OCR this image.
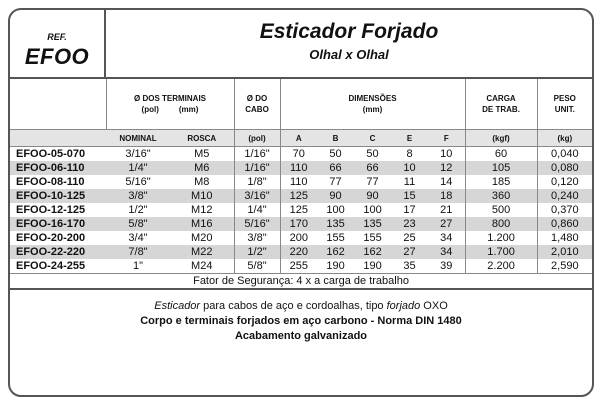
REF.
EFOO
Esticador Forjado
Olhal x Olhal
	Ø DOS TERMINAIS
(pol) (mm)		Ø DO
CABO	DIMENSÕES
(mm)					CARGA
DE TRAB.	PESO
UNIT.
	NOMINAL	ROSCA	(pol)	A	B	C	E	F	(kgf)	(kg)
EFOO-05-070	3/16"	M5	1/16"	70	50	50	8	10	60	0,040
EFOO-06-110	1/4"	M6	1/16"	110	66	66	10	12	105	0,080
EFOO-08-110	5/16"	M8	1/8"	110	77	77	11	14	185	0,120
EFOO-10-125	3/8"	M10	3/16"	125	90	90	15	18	360	0,240
EFOO-12-125	1/2"	M12	1/4"	125	100	100	17	21	500	0,370
EFOO-16-170	5/8"	M16	5/16"	170	135	135	23	27	800	0,860
EFOO-20-200	3/4"	M20	3/8"	200	155	155	25	34	1.200	1,480
EFOO-22-220	7/8"	M22	1/2"	220	162	162	27	34	1.700	2,010
EFOO-24-255	1"	M24	5/8"	255	190	190	35	39	2.200	2,590
Fator de Segurança: 4 x a carga de trabalho										
Esticador para cabos de aço e cordoalhas, tipo forjado OXO
Corpo e terminais forjados em aço carbono - Norma DIN 1480
Acabamento galvanizado
